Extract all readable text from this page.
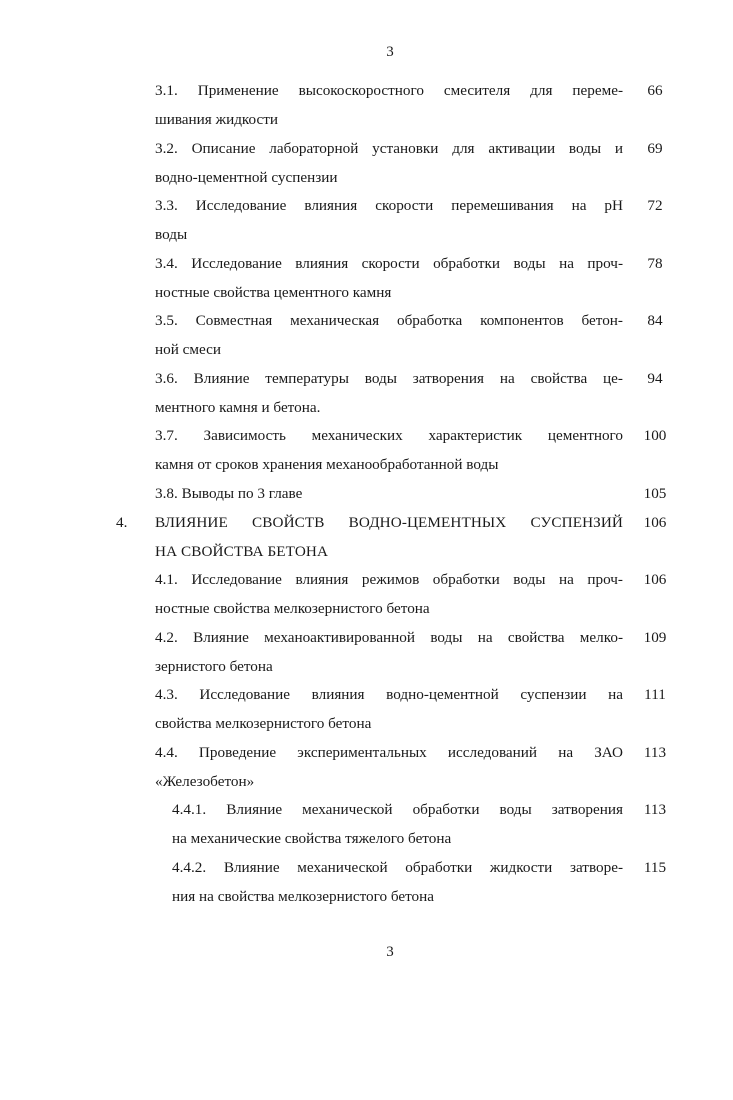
3
3.1. Применение высокоскоростного смесителя для переме-
шивания жидкости
66
3.2. Описание лабораторной установки для активации воды и
водно-цементной суспензии
69
3.3. Исследование влияния скорости перемешивания на pH
воды
72
3.4. Исследование влияния скорости обработки воды на проч-
ностные свойства цементного камня
78
3.5. Совместная механическая обработка компонентов бетон-
ной смеси
84
3.6. Влияние температуры воды затворения на свойства це-
ментного камня и бетона.
94
3.7. Зависимость механических характеристик цементного
камня от сроков хранения механообработанной воды
100
3.8. Выводы по 3 главе	105
4. ВЛИЯНИЕ СВОЙСТВ ВОДНО-ЦЕМЕНТНЫХ СУСПЕНЗИЙ
НА СВОЙСТВА БЕТОНА
106
4.1. Исследование влияния режимов обработки воды на проч-
ностные свойства мелкозернистого бетона
106
4.2. Влияние механоактивированной воды на свойства мелко-
зернистого бетона
109
4.3. Исследование влияния водно-цементной суспензии на
свойства мелкозернистого бетона
111
4.4. Проведение экспериментальных исследований на ЗАО
«Железобетон»
113
4.4.1. Влияние механической обработки воды затворения
на механические свойства тяжелого бетона
113
4.4.2. Влияние механической обработки жидкости затворе-
ния на свойства мелкозернистого бетона
115
3
